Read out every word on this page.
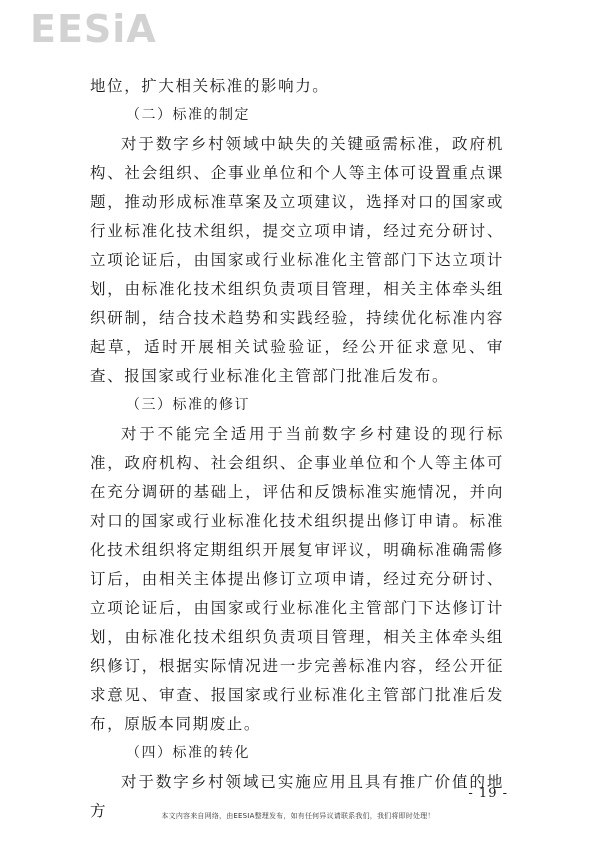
EESiA

地位，扩大相关标准的影响力。

（二）标准的制定

对于数字乡村领域中缺失的关键亟需标准，政府机构、社会组织、企事业单位和个人等主体可设置重点课题，推动形成标准草案及立项建议，选择对口的国家或行业标准化技术组织，提交立项申请，经过充分研讨、立项论证后，由国家或行业标准化主管部门下达立项计划，由标准化技术组织负责项目管理，相关主体牵头组织研制，结合技术趋势和实践经验，持续优化标准内容起草，适时开展相关试验验证，经公开征求意见、审查、报国家或行业标准化主管部门批准后发布。

（三）标准的修订

对于不能完全适用于当前数字乡村建设的现行标准，政府机构、社会组织、企事业单位和个人等主体可在充分调研的基础上，评估和反馈标准实施情况，并向对口的国家或行业标准化技术组织提出修订申请。标准化技术组织将定期组织开展复审评议，明确标准确需修订后，由相关主体提出修订立项申请，经过充分研讨、立项论证后，由国家或行业标准化主管部门下达修订计划，由标准化技术组织负责项目管理，相关主体牵头组织修订，根据实际情况进一步完善标准内容，经公开征求意见、审查、报国家或行业标准化主管部门批准后发布，原版本同期废止。

（四）标准的转化

对于数字乡村领域已实施应用且具有推广价值的地方

- 19 -
本文内容来自网络，由EESIA整理发布，如有任何异议请联系我们，我们将即时处理！
